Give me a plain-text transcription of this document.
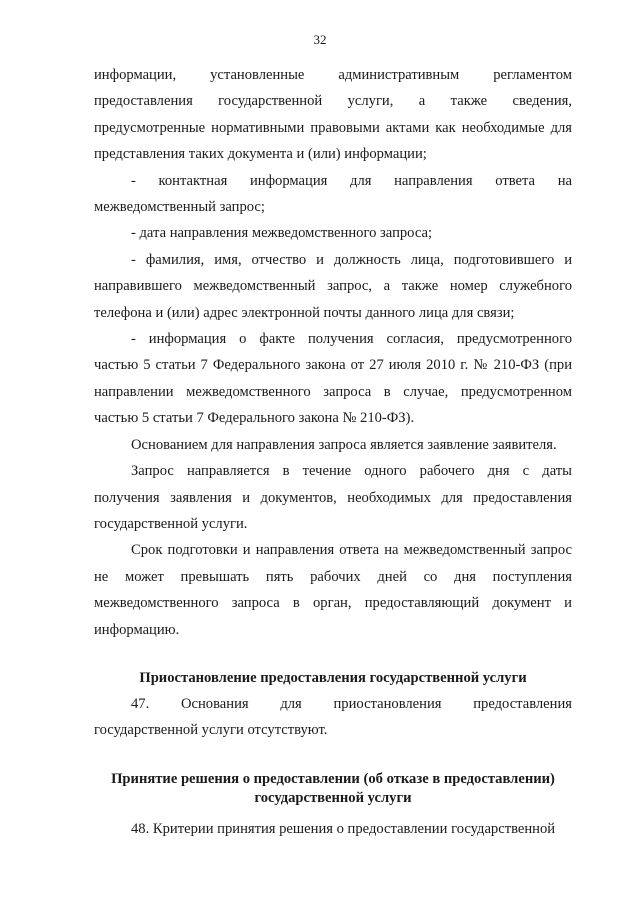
32

информации, установленные административным регламентом

предоставления государственной услуги, а также сведения,

предусмотренные нормативными правовыми актами как необходимые для

представления таких документа и (или) информации;

- контактная информация для направления ответа на

межведомственный запрос;

- дата направления межведомственного запроса;

- фамилия, имя, отчество и должность лица, подготовившего и

направившего межведомственный запрос, а также номер служебного

телефона и (или) адрес электронной почты данного лица для связи;

- информация о факте получения согласия, предусмотренного

частью 5 статьи 7 Федерального закона от 27 июля 2010 г. № 210-ФЗ (при

направлении межведомственного запроса в случае, предусмотренном

частью 5 статьи 7 Федерального закона № 210-ФЗ).

Основанием для направления запроса является заявление заявителя.

Запрос направляется в течение одного рабочего дня с даты

получения заявления и документов, необходимых для предоставления

государственной услуги.

Срок подготовки и направления ответа на межведомственный запрос

не может превышать пять рабочих дней со дня поступления

межведомственного запроса в орган, предоставляющий документ и

информацию.

Приостановление предоставления государственной услуги

47. Основания для приостановления предоставления

государственной услуги отсутствуют.

Принятие решения о предоставлении (об отказе в предоставлении)
государственной услуги

48. Критерии принятия решения о предоставлении государственной
